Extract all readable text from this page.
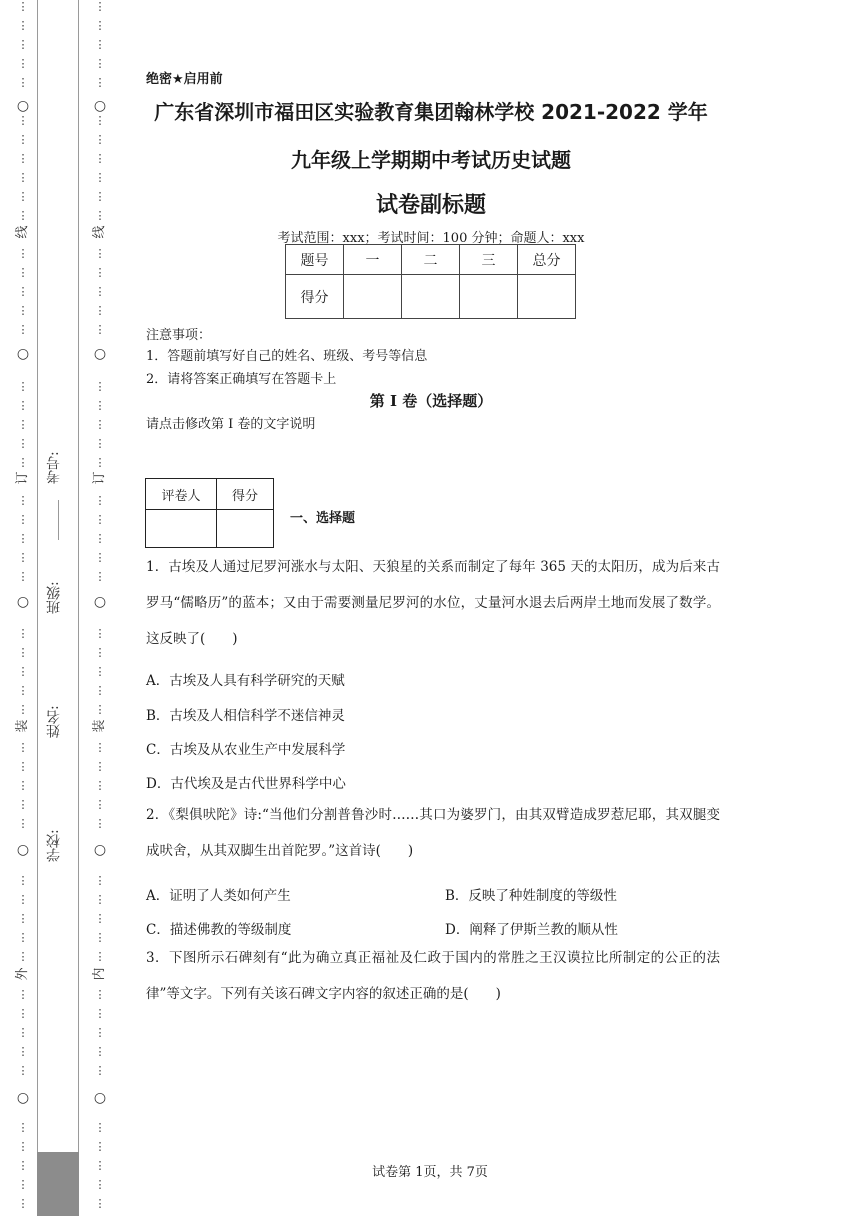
⋮
⋮
⋮
⋮
⋮
⋮
⋮
⋮
⋮
⋮
⋮
⋮
⋮
⋮
⋮
⋮
⋮
⋮
⋮
⋮
⋮
⋮
⋮
⋮
⋮
⋮
⋮
⋮
⋮
⋮
⋮
⋮
⋮
⋮
⋮
⋮
⋮
⋮
⋮
⋮
⋮
⋮
⋮
⋮
⋮
⋮
⋮
⋮
⋮
⋮
⋮
○
○
○
○
○
线
订
装
外
⋮
⋮
⋮
⋮
⋮
⋮
⋮
⋮
⋮
⋮
⋮
⋮
⋮
⋮
⋮
⋮
⋮
⋮
⋮
⋮
⋮
⋮
⋮
⋮
⋮
⋮
⋮
⋮
⋮
⋮
⋮
⋮
⋮
⋮
⋮
⋮
⋮
⋮
⋮
⋮
⋮
⋮
⋮
⋮
⋮
⋮
⋮
⋮
⋮
⋮
⋮
○
○
○
○
○
线
订
装
内
考号:
班级:
姓名:
学校:
绝密★启用前
广东省深圳市福田区实验教育集团翰林学校 2021-2022 学年
九年级上学期期中考试历史试题
试卷副标题
考试范围：xxx；考试时间：100 分钟；命题人：xxx
题号	一	二	三	总分
得分				
注意事项：
1．答题前填写好自己的姓名、班级、考号等信息
2．请将答案正确填写在答题卡上
第 I 卷（选择题）
请点击修改第 I 卷的文字说明
评卷人	得分

一、选择题
1．古埃及人通过尼罗河涨水与太阳、天狼星的关系而制定了每年 365 天的太阳历，成为后来古罗马“儒略历”的蓝本；又由于需要测量尼罗河的水位，丈量河水退去后两岸土地而发展了数学。这反映了(　　)
A．古埃及人具有科学研究的天赋
B．古埃及人相信科学不迷信神灵
C．古埃及从农业生产中发展科学
D．古代埃及是古代世界科学中心
2．《梨俱吠陀》诗:“当他们分割普鲁沙时……其口为婆罗门，由其双臂造成罗惹尼耶，其双腿变成吠舍，从其双脚生出首陀罗。”这首诗(　　)
A．证明了人类如何产生	B．反映了种姓制度的等级性
C．描述佛教的等级制度	D．阐释了伊斯兰教的顺从性
3．下图所示石碑刻有“此为确立真正福祉及仁政于国内的常胜之王汉谟拉比所制定的公正的法律”等文字。下列有关该石碑文字内容的叙述正确的是(　　)
试卷第 1页，共 7页
